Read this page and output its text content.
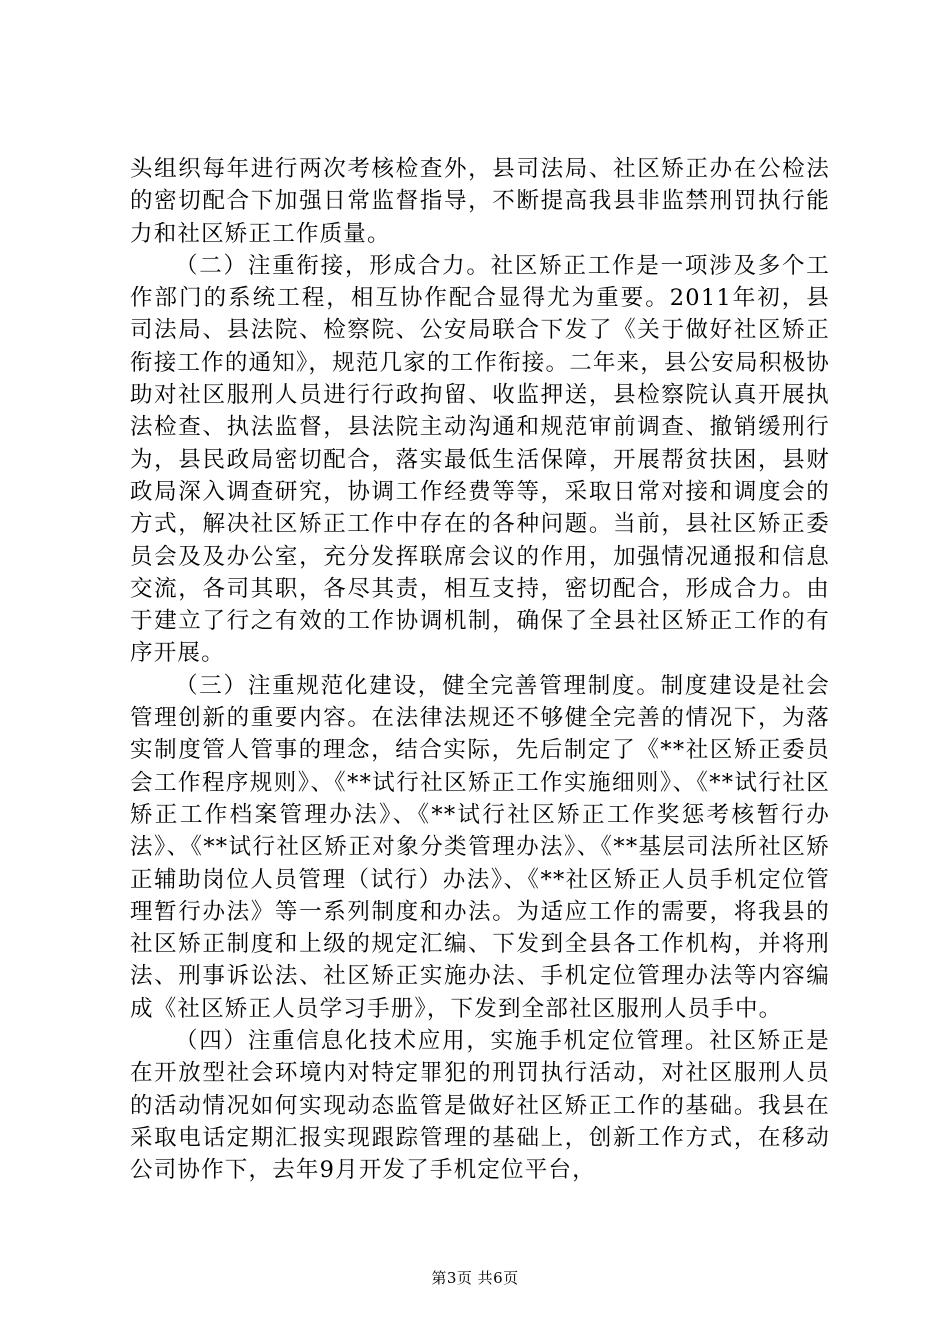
头组织每年进行两次考核检查外，县司法局、社区矫正办在公检法的密切配合下加强日常监督指导，不断提高我县非监禁刑罚执行能力和社区矫正工作质量。

（二）注重衔接，形成合力。社区矫正工作是一项涉及多个工作部门的系统工程，相互协作配合显得尤为重要。2011年初，县司法局、县法院、检察院、公安局联合下发了《关于做好社区矫正衔接工作的通知》，规范几家的工作衔接。二年来，县公安局积极协助对社区服刑人员进行行政拘留、收监押送，县检察院认真开展执法检查、执法监督，县法院主动沟通和规范审前调查、撤销缓刑行为，县民政局密切配合，落实最低生活保障，开展帮贫扶困，县财政局深入调查研究，协调工作经费等等，采取日常对接和调度会的方式，解决社区矫正工作中存在的各种问题。当前，县社区矫正委员会及及办公室，充分发挥联席会议的作用，加强情况通报和信息交流，各司其职，各尽其责，相互支持，密切配合，形成合力。由于建立了行之有效的工作协调机制，确保了全县社区矫正工作的有序开展。

（三）注重规范化建设，健全完善管理制度。制度建设是社会管理创新的重要内容。在法律法规还不够健全完善的情况下，为落实制度管人管事的理念，结合实际，先后制定了《**社区矫正委员会工作程序规则》、《**试行社区矫正工作实施细则》、《**试行社区矫正工作档案管理办法》、《**试行社区矫正工作奖惩考核暂行办法》、《**试行社区矫正对象分类管理办法》、《**基层司法所社区矫正辅助岗位人员管理（试行）办法》、《**社区矫正人员手机定位管理暂行办法》等一系列制度和办法。为适应工作的需要，将我县的社区矫正制度和上级的规定汇编、下发到全县各工作机构，并将刑法、刑事诉讼法、社区矫正实施办法、手机定位管理办法等内容编成《社区矫正人员学习手册》，下发到全部社区服刑人员手中。

（四）注重信息化技术应用，实施手机定位管理。社区矫正是在开放型社会环境内对特定罪犯的刑罚执行活动，对社区服刑人员的活动情况如何实现动态监管是做好社区矫正工作的基础。我县在采取电话定期汇报实现跟踪管理的基础上，创新工作方式，在移动公司协作下，去年9月开发了手机定位平台，

第3页 共6页
